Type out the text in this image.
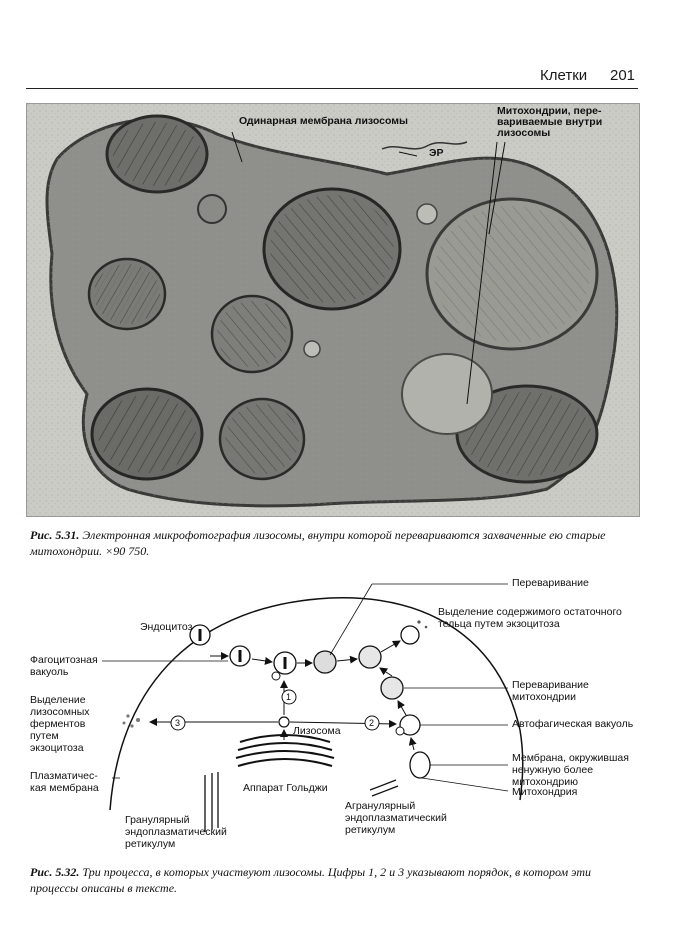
Клетки 201
Одинарная мембрана лизосомы
ЭР
Митохондрии, пере-
вариваемые внутри
лизосомы
Рис. 5.31. Электронная микрофотография лизосомы, внутри которой перевариваются захваченные ею старые митохондрии. ×90 750.
Переваривание
Выделение содержимого остаточного тельца путем экзоцитоза
Эндоцитоз
Фагоцитозная вакуоль
Выделение лизосомных ферментов путем экзоцитоза
Плазматичес-
кая мембрана
Переваривание митохондрии
Автофагическая вакуоль
Лизосома
Мембрана, окружившая ненужную более митохондрию
Митохондрия
Аппарат Гольджи
Гранулярный
эндоплазматический
ретикулум
Агранулярный
эндоплазматический
ретикулум
1
2
3
Рис. 5.32. Три процесса, в которых участвуют лизосомы. Цифры 1, 2 и 3 указывают порядок, в котором эти процессы описаны в тексте.
